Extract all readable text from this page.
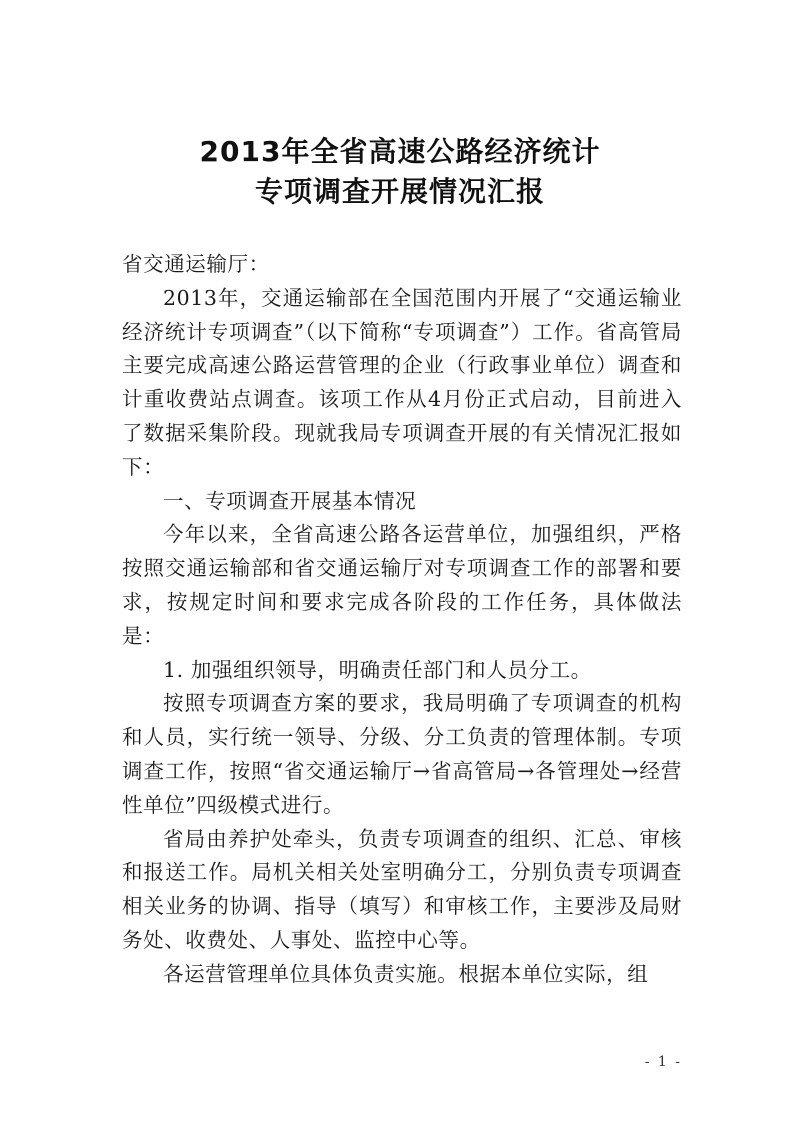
2013年全省高速公路经济统计
专项调查开展情况汇报

省交通运输厅：

2013年，交通运输部在全国范围内开展了“交通运输业经济统计专项调查”（以下简称“专项调查”）工作。省高管局主要完成高速公路运营管理的企业（行政事业单位）调查和计重收费站点调查。该项工作从4月份正式启动，目前进入了数据采集阶段。现就我局专项调查开展的有关情况汇报如下：

一、专项调查开展基本情况

今年以来，全省高速公路各运营单位，加强组织，严格按照交通运输部和省交通运输厅对专项调查工作的部署和要求，按规定时间和要求完成各阶段的工作任务，具体做法是：

1. 加强组织领导，明确责任部门和人员分工。

按照专项调查方案的要求，我局明确了专项调查的机构和人员，实行统一领导、分级、分工负责的管理体制。专项调查工作，按照“省交通运输厅→省高管局→各管理处→经营性单位”四级模式进行。

省局由养护处牵头，负责专项调查的组织、汇总、审核和报送工作。局机关相关处室明确分工，分别负责专项调查相关业务的协调、指导（填写）和审核工作，主要涉及局财务处、收费处、人事处、监控中心等。

各运营管理单位具体负责实施。根据本单位实际，组

- 1 -
